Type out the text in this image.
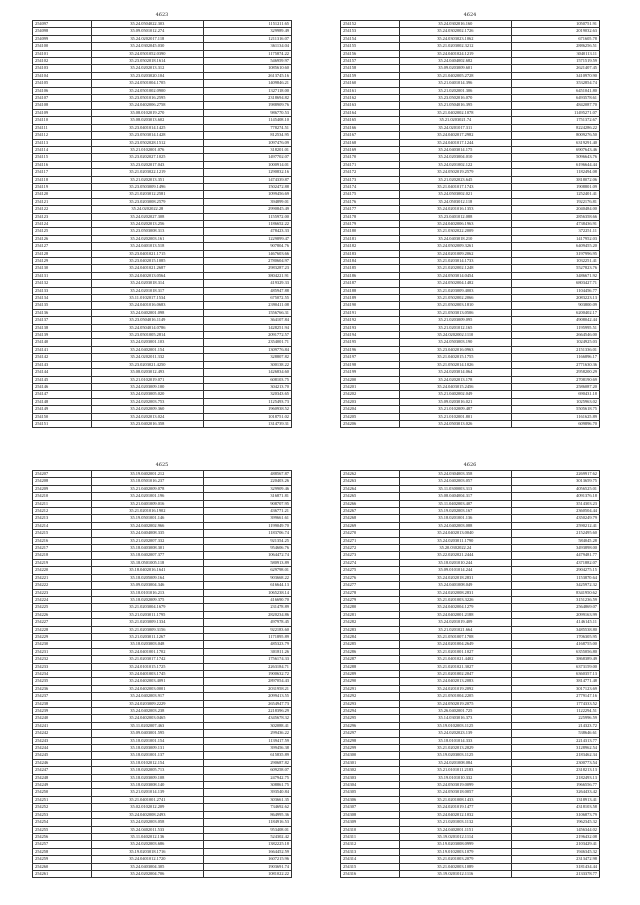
4623
254097	35.24.0504022.303	1151211.65
254098	35.09.0501012.274	329989.49
254099	35.24.0202017.118	1211316.07
254100	35.24.0302045.030	361134.04
254101	35.24.0501052.0390	1175874.22
254102	35.23.0502018.1614	546959.97
254103	35.24.0202013.312	1085610.60
254104	35.23.0203020.104	2613745.16
254105	35.24.0501004.1705	1409846.21
254106	35.24.0501002.0900	1327118.00
254107	35.23.0501016.2595	2318694.82
254108	35.24.0402006.2758	1988909.76
254109	35.08.0102019.270	986770.53
254110	35.08.0203013.602	1145408.10
254111	35.23.0401014.1425	778274.51
254112	35.23.0503014.1428	812534.95
254113	35.23.0502028.1512	1097476.09
254114	35.21.0102001.076	318201.01
254115	35.23.0202027.1025	1497702.07
254116	35.23.0202017.043	1000914.01
254117	35.21.0203022.1219	1290832.16
254118	35.21.0202013.351	1474339.87
254119	35.23.0503009.1496	1502472.88
254120	35.21.0203012.2581	1099456.69
254121	35.23.0203008.2579	394899.01
254122	35.24.0202022.28	2990845.49
254123	35.24.0202027.308	1155972.00
254124	35.24.0202013.256	1186652.22
254125	35.23.0503008.313	478423.33
254126	35.24.0202003.161	1229899.47
254127	35.24.0401013.518	907804.76
254128	35.23.0401021.1715	1467603.66
254129	35.23.0402015.1085	2780604.97
254130	35.24.0401021.2687	2983287.23
254131	35.24.0402013.0564	3804221.91
254132	35.24.0203018.314	419329.33
254133	35.24.0201018.317	485947.88
254134	35.11.0102017.1534	675072.55
254135	35.24.0401016.0683	2390411.08
254136	35.24.0402001.098	1556766.31
254137	35.23.0504016.1149	364107.84
254138	35.24.0504014.0786	1428251.94
254139	35.23.0501005.2814	2091772.57
254140	35.24.0203001.103	2354001.71
254141	35.24.0402001.154	1309776.84
254142	35.24.0202011.332	328807.82
254143	35.23.0203021.4250	300138.22
254144	35.08.0203012.493	1426834.60
254145	35.21.0102019.071	608103.75
254146	35.24.0203009.100	304213.70
254147	35.24.0203005.020	320343.65
254148	35.24.0202003.753	1125493.73
254149	35.24.0202009.360	1960938.52
254150	35.24.0202013.024	1018751.02
254151	35.23.0402016.358	1314739.31
4624
254152	35.24.0302016.160	1050751.91
254153	35.24.0302002.1726	2019032.63
254154	35.24.0303023.1062	671605.78
254155	35.21.0203002.3212	2886256.51
254156	35.24.0401024.1219	3040113.11
254157	35.24.0404002.682	1571519.59
254158	35.09.0203009.601	2621407.45
254159	35.21.0402005.2728	3410970.90
254160	35.21.0401014.396	3532854.74
254161	35.21.0202001.306	6451041.80
254162	35.23.0502016.070	6493578.61
254163	35.21.0504016.395	4842087.70
254164	35.21.0402002.1078	11495271.07
254165	35.21.0203021.74	1751372.67
254166	35.24.0201017.311	8224286.22
254167	35.24.0402017.2982	8009276.50
254168	35.24.0401017.1244	6319291.40
254169	35.24.0403014.175	6907643.46
254170	35.24.0203004.010	5096643.76
254171	35.24.0201002.122	6196644.44
254172	35.24.0502019.2579	1182494.08
254173	35.21.0202023.645	3818072.06
254174	35.21.0401017.1743	1908801.09
254175	35.24.0503002.021	1252401.41
254176	35.24.0503012.118	1922176.81
254177	35.24.0201016.1353	2040484.00
254178	35.23.0401012.088	2856358.66
254179	35.24.0402006.1963	4738436.91
254180	35.21.0302022.2009	372251.11
254181	35.24.0403018.210	1417952.03
254182	35.24.0502009.3261	6409455.20
254183	35.24.0201009.2062	3197996.95
254184	35.21.0203014.1733	1032251.41
254185	35.21.0202002.1248	5527823.76
254186	35.24.0503014.0454	3486671.92
254187	35.24.0502004.1482	6803427.71
254188	35.21.0203009.4003	1104456.77
254189	35.21.0502002.2066	2083223.13
254190	35.21.0502003.1810	903800.09
254191	35.21.0503013.0506	6200402.17
254192	35.21.0203009.095	4908042.44
254193	35.21.0201012.165	1195995.51
254194	35.24.0202002.1110	2664546.00
254195	35.24.0503003.190	1024925.03
254196	35.23.0402016.0963	2151336.01
254197	35.21.0402015.1755	1166896.17
254198	35.21.0502014.1026	2771630.36
254199	35.24.0203014.064	2958200.29
254200	35.24.0202013.178	2708190.69
254201	35.24.0403015.2456	2586087.20
254202	35.21.0402002.049	690431.18
254203	35.09.0203016.021	1025963.02
254204	35.21.0102009.487	5505618.75
254205	35.21.0102001.801	1161625.89
254206	35.24.0503013.026	609896.70
4625
254207	35.19.0402001.212	488567.87
254208	35.18.0501016.237	220403.26
254209	35.21.0402009.078	329909.46
254210	35.24.0201001.196	316871.81
254211	35.21.0401009.016	908707.95
254212	35.21.0201016.1902	436771.21
254213	35.19.0501001.146	399661.61
254214	35.24.0402002.966	1199049.70
254215	35.24.0404008.335	1183706.74
254216	35.21.0202007.332	921354.25
254217	35.18.0403008.301	954606.76
254218	35.18.0402007.377	1064472.74
254219	35.18.0501005.118	580913.89
254220	35.18.0402016.1641	629798.01
254221	35.18.0205009.164	903668.22
254222	35.09.0203004.346	616644.13
254223	35.18.0101016.213	1065238.14
254224	35.18.0202009.375	416690.70
254225	35.21.0203004.1679	231478.89
254226	35.21.0203011.1795	2820234.86
254227	35.21.0203009.1334	497978.45
254228	35.21.0203009.3156	922183.60
254229	35.21.0203011.1267	1171895.89
254230	35.18.0203003.048	485323.79
254231	35.24.0401001.1702	301811.26
254232	35.21.0203017.1742	1756174.33
254233	35.24.0101015.1725	2263184.71
254234	35.24.0401003.1745	1900632.72
254235	35.24.0402003.4091	2897054.43
254236	35.24.0402003.0001	2031958.21
254237	35.24.0402003.917	2099413.55
254238	35.24.0203009.2229	2654947.73
254239	35.24.0402003.238	2218396.29
254240	35.24.0402003.0465	4345678.32
254241	35.11.0202007.463	302088.41
254242	35.09.0403001.595	299436.22
254243	35.18.0201001.154	1139417.59
254244	35.18.0203009.131	399456.38
254245	35.18.0201001.137	615835.89
254246	35.18.0102012.154	290687.82
254247	35.18.0202005.713	609258.07
254248	35.18.0203009.108	247942.75
254249	35.18.0203008.140	308861.75
254250	35.21.0201014.139	393540.84
254251	35.21.0401001.2741	303661.35
254252	35.02.0102012.209	734692.62
254253	35.24.0402008.2493	864995.36
254254	35.24.0202003.058	1184916.53
254255	35.24.0402011.533	953408.01
254256	35.11.0402012.136	524302.42
254257	35.24.0202003.686	1382225.18
254258	35.19.0203018.1716	1664452.59
254259	35.24.0401012.1720	1607215.96
254260	35.24.0403004.305	1903691.74
254261	35.24.0202004.706	1081022.22
4626
254262	35.24.0304003.358	2269917.62
254263	35.24.0402003.057	3013659.75
254264	35.11.0300003.313	4056525.01
254265	35.08.0404004.317	4091376.18
254266	35.11.0402003.407	3514303.23
254267	35.19.0202003.167	2360504.44
254268	35.18.0201001.136	4350249.79
254269	35.24.0402003.088	2590212.41
254270	35.24.0402013.0040	2152495.60
254271	35.24.0203011.1790	584045.28
254272	35.20.0302022.24	3493898.00
254273	35.22.0202021.2444	4479481.77
254274	35.18.0201010.244	4371882.07
254275	35.09.0101014.244	2904275.15
254276	35.24.0202018.2831	1153870.64
254277	35.24.0401008.049	3425972.32
254278	35.24.0202008.2831	8341950.62
254279	35.21.0201003.3226	3151236.59
254280	35.24.0402004.1279	2564869.07
254281	35.24.0402001.2188	2099163.99
254282	35.24.0201019.409	4146145.11
254283	35.21.0201021.664	3485538.80
254284	35.21.0501007.1708	1706305.95
254285	35.24.0201004.2649	4168755.00
254286	35.21.0201001.1027	6355056.80
254287	35.21.0401021.4402	3868389.49
254288	35.21.0201021.3027	6373159.00
254289	35.21.0201002.2047	6360357.13
254290	35.24.0402013.2083	3814771.48
254291	35.24.0201019.2092	3017123.69
254292	35.21.0501004.2205	2779147.16
254293	35.24.0502019.2075	1774333.52
254294	35.26.0402001.725	1122294.51
254295	35.14.0303016.373	225996.59
254296	35.19.0102003.1125	214323.72
254297	35.24.0202023.139	538646.61
254298	35.18.0101014.333	2214313.77
254299	35.21.0202013.2029	3128962.54
254300	35.19.0203003.1125	2183462.34
254301	35.24.0201008.084	2300773.54
254302	35.21.0101011.2183	2318213.13
254303	35.19.0101010.332	2182493.13
254304	35.24.0503019.0099	1966556.77
254305	35.24.0503018.0057	3264433.42
254306	35.21.0201008.1433	1318913.41
254307	35.24.0201019.1477	4318103.58
254308	35.24.0402012.1032	3106873.79
254309	35.21.0201003.1132	1962345.32
254310	35.24.0402001.1151	1456344.02
254311	35.19.0201012.1114	2196432.08
254312	35.19.0203008.0999	2103429.41
254313	35.19.0102003.1079	1946345.32
254314	35.21.0201003.2079	2313472.98
254315	35.21.0402003.1089	3181434.44
254316	35.19.0201012.1116	2133378.77
